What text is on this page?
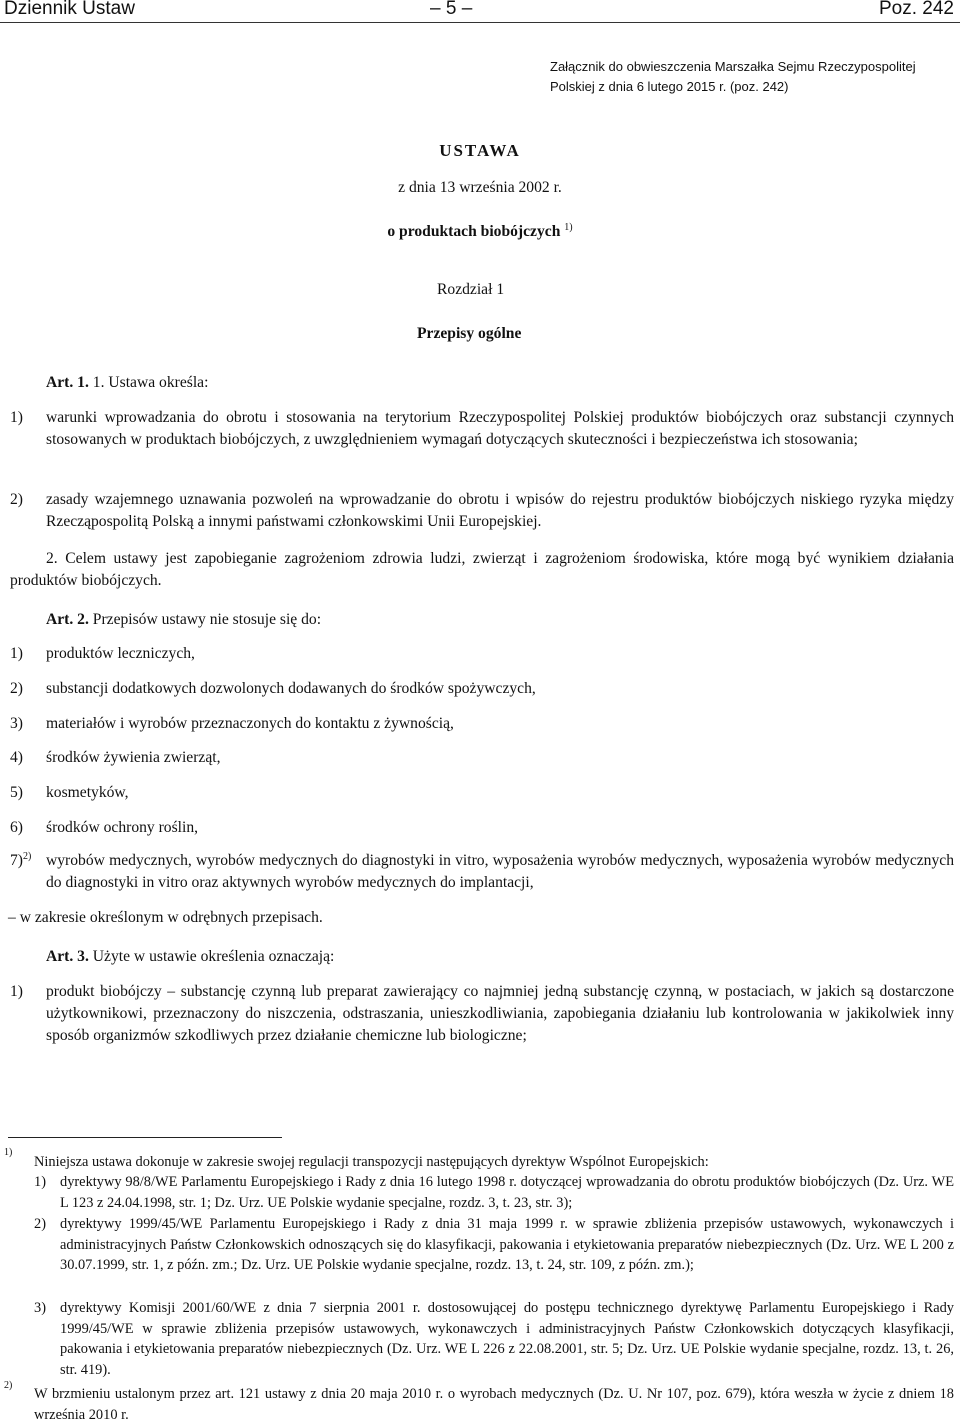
Dziennik Ustaw	– 5 –	Poz. 242
Załącznik do obwieszczenia Marszałka Sejmu Rzeczypospolitej Polskiej z dnia 6 lutego 2015 r. (poz. 242)
USTAWA
z dnia 13 września 2002 r.
o produktach biobójczych $^{1)}$
Rozdział 1
Przepisy ogólne
Art. 1. 1. Ustawa określa:
1) warunki wprowadzania do obrotu i stosowania na terytorium Rzeczypospolitej Polskiej produktów biobójczych oraz substancji czynnych stosowanych w produktach biobójczych, z uwzględnieniem wymagań dotyczących skuteczności i bezpieczeństwa ich stosowania;
2) zasady wzajemnego uznawania pozwoleń na wprowadzanie do obrotu i wpisów do rejestru produktów biobójczych niskiego ryzyka między Rzecząpospolitą Polską a innymi państwami członkowskimi Unii Europejskiej.
2. Celem ustawy jest zapobieganie zagrożeniom zdrowia ludzi, zwierząt i zagrożeniom środowiska, które mogą być wynikiem działania produktów biobójczych.
Art. 2. Przepisów ustawy nie stosuje się do:
1) produktów leczniczych,
2) substancji dodatkowych dozwolonych dodawanych do środków spożywczych,
3) materiałów i wyrobów przeznaczonych do kontaktu z żywnością,
4) środków żywienia zwierząt,
5) kosmetyków,
6) środków ochrony roślin,
7)$^{2)}$ wyrobów medycznych, wyrobów medycznych do diagnostyki in vitro, wyposażenia wyrobów medycznych, wyposażenia wyrobów medycznych do diagnostyki in vitro oraz aktywnych wyrobów medycznych do implantacji,
– w zakresie określonym w odrębnych przepisach.
Art. 3. Użyte w ustawie określenia oznaczają:
1) produkt biobójczy – substancję czynną lub preparat zawierający co najmniej jedną substancję czynną, w postaciach, w jakich są dostarczone użytkownikowi, przeznaczony do niszczenia, odstraszania, unieszkodliwiania, zapobiegania działaniu lub kontrolowania w jakikolwiek inny sposób organizmów szkodliwych przez działanie chemiczne lub biologiczne;
1)
Niniejsza ustawa dokonuje w zakresie swojej regulacji transpozycji następujących dyrektyw Wspólnot Europejskich:
1) dyrektywy 98/8/WE Parlamentu Europejskiego i Rady z dnia 16 lutego 1998 r. dotyczącej wprowadzania do obrotu produktów biobójczych (Dz. Urz. WE L 123 z 24.04.1998, str. 1; Dz. Urz. UE Polskie wydanie specjalne, rozdz. 3, t. 23, str. 3);
2) dyrektywy 1999/45/WE Parlamentu Europejskiego i Rady z dnia 31 maja 1999 r. w sprawie zbliżenia przepisów ustawowych, wykonawczych i administracyjnych Państw Członkowskich odnoszących się do klasyfikacji, pakowania i etykietowania preparatów niebezpiecznych (Dz. Urz. WE L 200 z 30.07.1999, str. 1, z późn. zm.; Dz. Urz. UE Polskie wydanie specjalne, rozdz. 13, t. 24, str. 109, z późn. zm.);
3) dyrektywy Komisji 2001/60/WE z dnia 7 sierpnia 2001 r. dostosowującej do postępu technicznego dyrektywę Parlamentu Europejskiego i Rady 1999/45/WE w sprawie zbliżenia przepisów ustawowych, wykonawczych i administracyjnych Państw Członkowskich dotyczących klasyfikacji, pakowania i etykietowania preparatów niebezpiecznych (Dz. Urz. WE L 226 z 22.08.2001, str. 5; Dz. Urz. UE Polskie wydanie specjalne, rozdz. 13, t. 26, str. 419).
2)
W brzmieniu ustalonym przez art. 121 ustawy z dnia 20 maja 2010 r. o wyrobach medycznych (Dz. U. Nr 107, poz. 679), która weszła w życie z dniem 18 września 2010 r.
